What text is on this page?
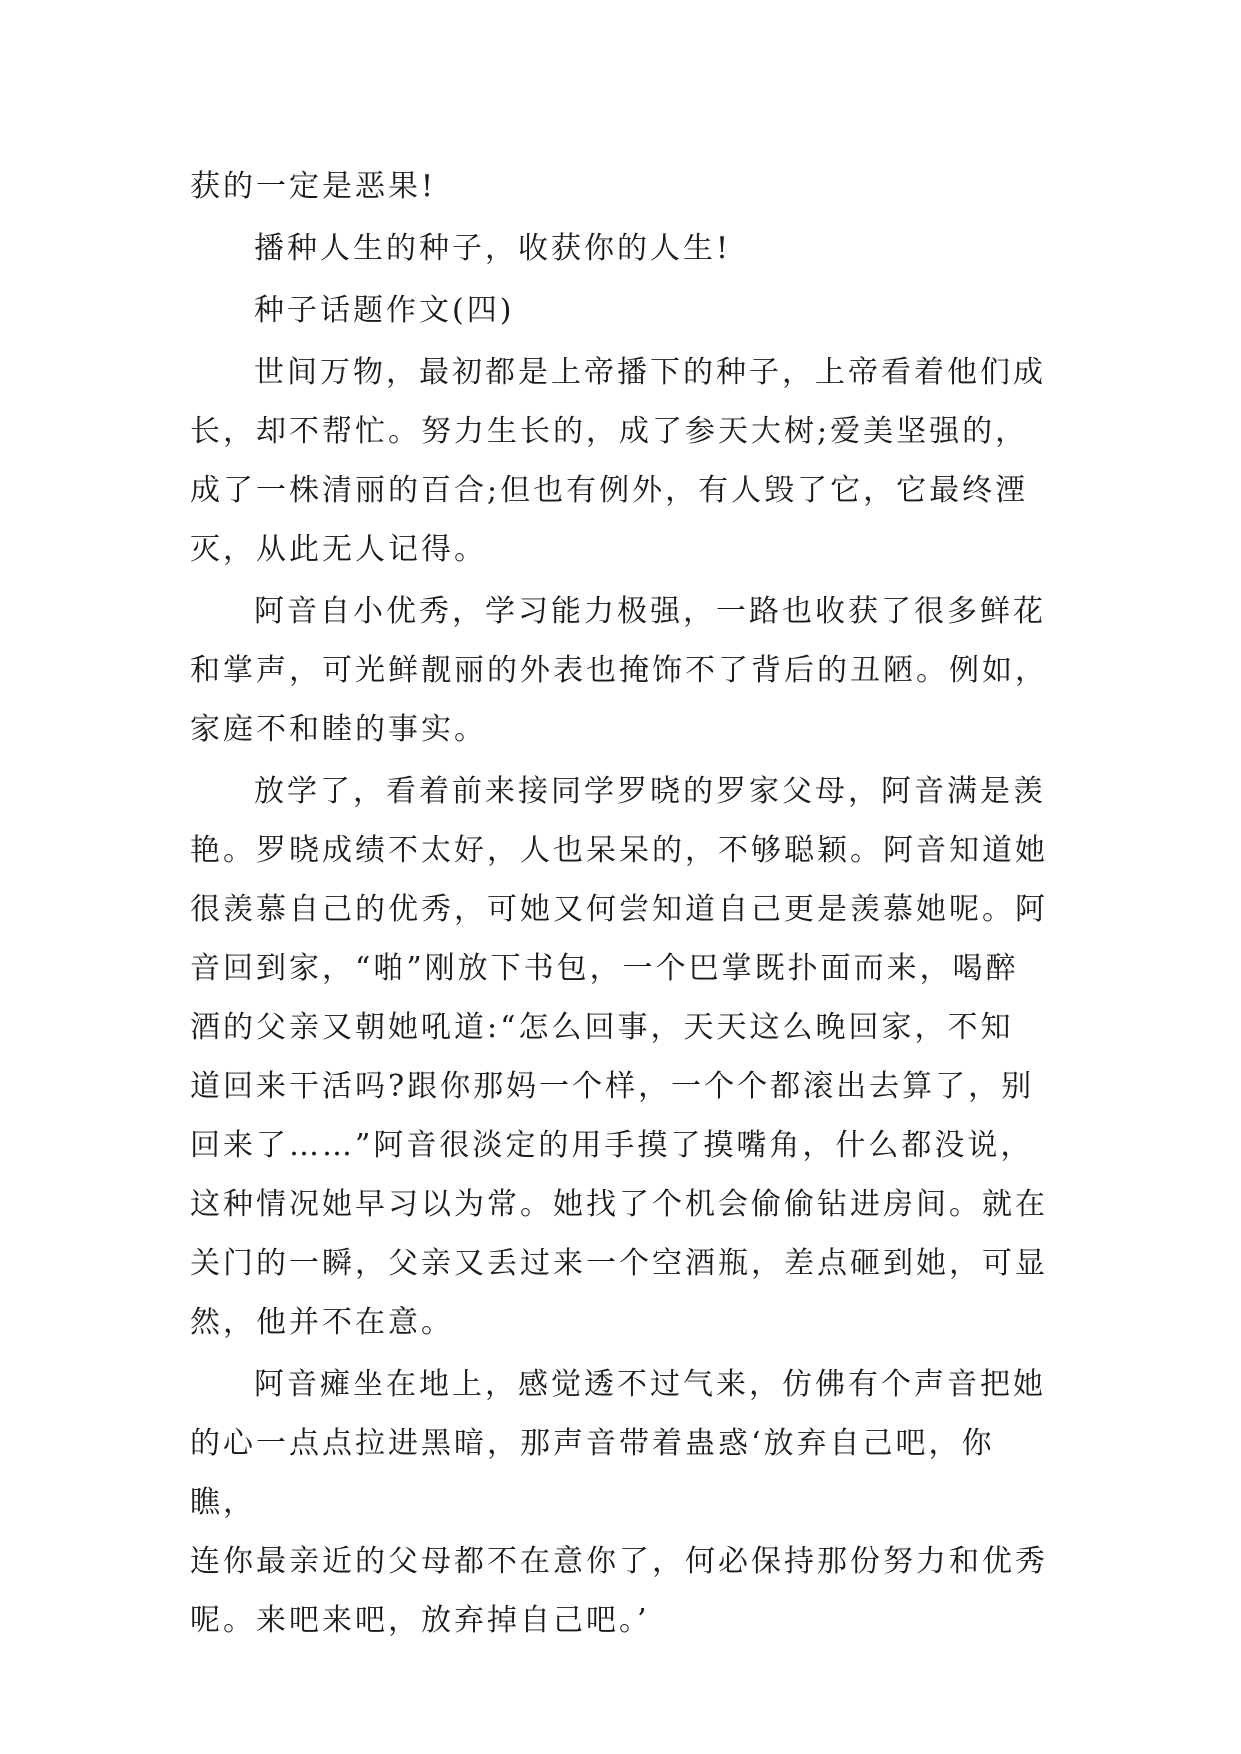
获的一定是恶果!

播种人生的种子，收获你的人生!

种子话题作文(四)

世间万物，最初都是上帝播下的种子，上帝看着他们成
长，却不帮忙。努力生长的，成了参天大树;爱美坚强的，
成了一株清丽的百合;但也有例外，有人毁了它，它最终湮
灭，从此无人记得。

阿音自小优秀，学习能力极强，一路也收获了很多鲜花
和掌声，可光鲜靓丽的外表也掩饰不了背后的丑陋。例如，
家庭不和睦的事实。

放学了，看着前来接同学罗晓的罗家父母，阿音满是羡
艳。罗晓成绩不太好，人也呆呆的，不够聪颖。阿音知道她
很羡慕自己的优秀，可她又何尝知道自己更是羡慕她呢。阿
音回到家，“啪”刚放下书包，一个巴掌既扑面而来，喝醉
酒的父亲又朝她吼道:“怎么回事，天天这么晚回家，不知
道回来干活吗?跟你那妈一个样，一个个都滚出去算了，别
回来了……”阿音很淡定的用手摸了摸嘴角，什么都没说，
这种情况她早习以为常。她找了个机会偷偷钻进房间。就在
关门的一瞬，父亲又丢过来一个空酒瓶，差点砸到她，可显
然，他并不在意。

阿音瘫坐在地上，感觉透不过气来，仿佛有个声音把她
的心一点点拉进黑暗，那声音带着蛊惑‘放弃自己吧，你瞧，
连你最亲近的父母都不在意你了，何必保持那份努力和优秀
呢。来吧来吧，放弃掉自己吧。’
